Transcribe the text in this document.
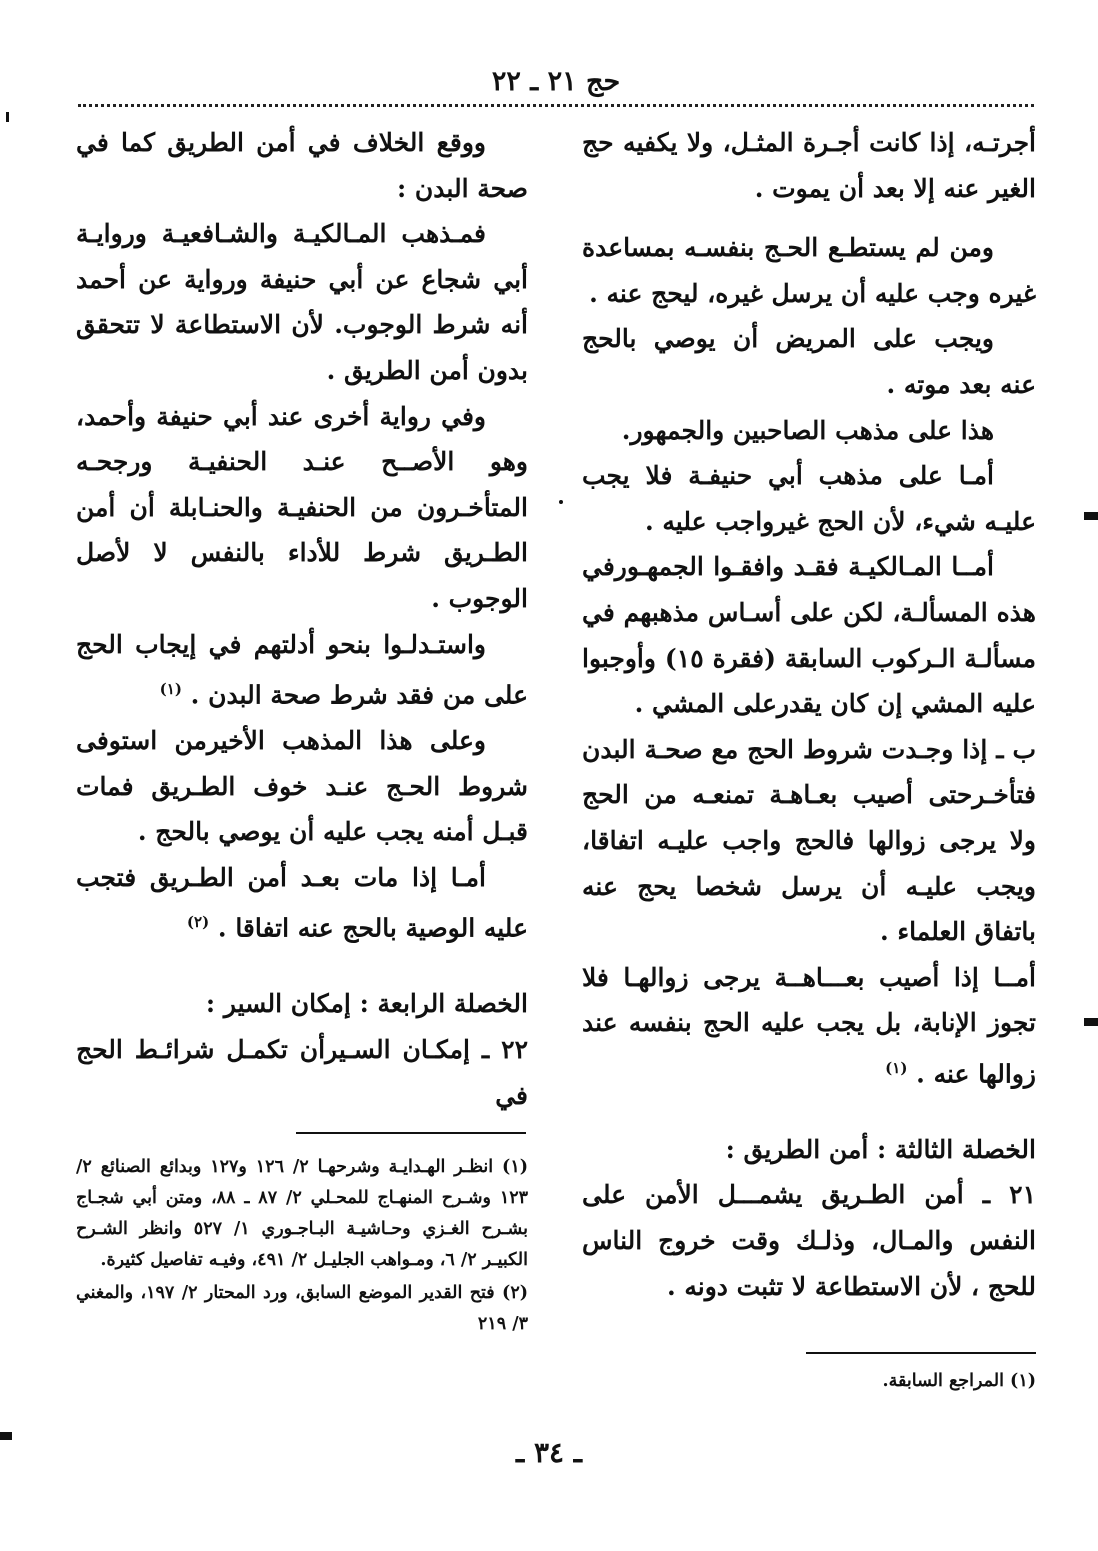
حج ٢١ ـ ٢٢

أجرتـه، إذا كانت أجـرة المثـل، ولا يكفيه حج الغير عنه إلا بعد أن يموت .

ومن لم يستطـع الحـج بنفسـه بمساعدة غيره وجب عليه أن يرسل غيره، ليحج عنه .

ويجب على المريض أن يوصي بالحج عنه بعد موته .

هذا على مذهب الصاحبين والجمهور.

أمـا على مذهب أبي حنيفـة فلا يجب عليـه شيء، لأن الحج غيرواجب عليه .

أمــا المـالكيـة فقـد وافقـوا الجمهـورفي هذه المسألـة، لكن على أسـاس مذهبهم في مسألـة الـركوب السابقة (فقرة ١٥) وأوجبوا عليه المشي إن كان يقدرعلى المشي .

ب ـ إذا وجـدت شروط الحج مع صحـة البدن فتأخـرحتى أصيب بعـاهـة تمنعـه من الحج ولا يرجى زوالها فالحج واجب عليـه اتفاقا، ويجب عليـه أن يرسل شخصا يحج عنه باتفاق العلماء .

أمــا إذا أصيب بعـــاهــة يرجى زوالهـا فلا تجوز الإنابة، بل يجب عليه الحج بنفسه عند زوالها عنه . $^{(١)}$

الخصلة الثالثة : أمن الطريق :

٢١ ـ أمن الطـريق يشمـــل الأمن على النفس والمـال، وذلـك وقت خروج الناس للحج ، لأن الاستطاعة لا تثبت دونه .

ووقع الخلاف في أمن الطريق كما في صحة البدن :

فمـذهب المـالكيـة والشـافعيـة وروايـة أبي شجاع عن أبي حنيفة ورواية عن أحمد أنه شرط الوجوب. لأن الاستطاعة لا تتحقق بدون أمن الطريق .

وفي رواية أخرى عند أبي حنيفة وأحمد، وهو الأصــح عنـد الحنفيـة ورجحـه المتأخـرون من الحنفيـة والحنـابلة أن أمن الطـريق شرط للأداء بالنفس لا لأصل الوجوب .

واستـدلـوا بنحو أدلتهم في إيجاب الحج على من فقد شرط صحة البدن . $^{(١)}$

وعلى هذا المذهب الأخيرمن استوفى شروط الحـج عنـد خوف الطـريق فمات قبـل أمنه يجب عليه أن يوصي بالحج .

أمـا إذا مات بعـد أمن الطـريق فتجب عليه الوصية بالحج عنه اتفاقا . $^{(٢)}$

الخصلة الرابعة : إمكان السير :

٢٢ ـ إمكـان السـيرأن تكمـل شرائـط الحج في

(١) انظـر الهـدايـة وشرحهـا ٢/ ١٢٦ و١٢٧ وبدائع الصنائع ٢/ ١٢٣ وشـرح المنهـاج للمحـلي ٢/ ٨٧ ـ ٨٨، ومتن أبي شجـاج بشـرح الغـزي وحـاشيـة البـاجـوري ١/ ٥٢٧ وانظر الشـرح الكبيـر ٢/ ٦، ومـواهب الجليـل ٢/ ٤٩١، وفيـه تفاصيل كثيرة.

(٢) فتح القدير الموضع السابق، ورد المحتار ٢/ ١٩٧، والمغني ٣/ ٢١٩

(١) المراجع السابقة.

ـ ٣٤ ـ
